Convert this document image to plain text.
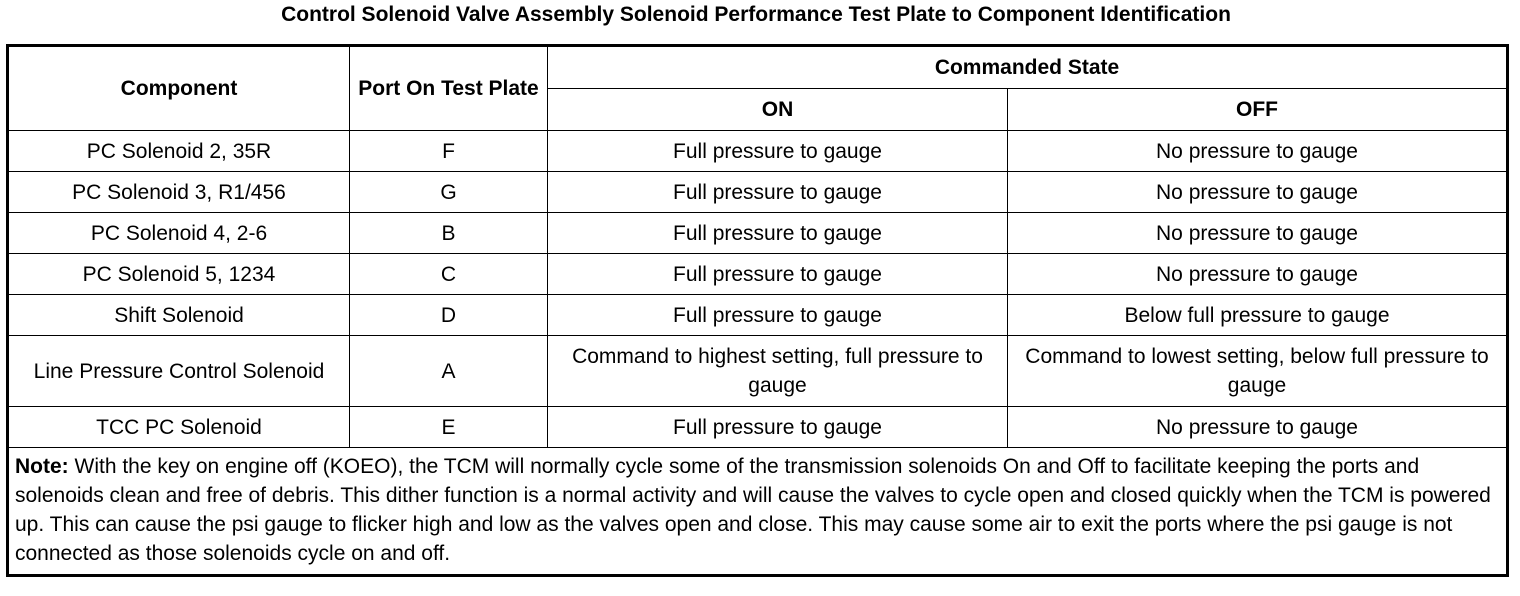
Control Solenoid Valve Assembly Solenoid Performance Test Plate to Component Identification
Component	Port On Test Plate	Commanded State	
		ON	OFF
PC Solenoid 2, 35R	F	Full pressure to gauge	No pressure to gauge
PC Solenoid 3, R1/456	G	Full pressure to gauge	No pressure to gauge
PC Solenoid 4, 2-6	B	Full pressure to gauge	No pressure to gauge
PC Solenoid 5, 1234	C	Full pressure to gauge	No pressure to gauge
Shift Solenoid	D	Full pressure to gauge	Below full pressure to gauge
Line Pressure Control Solenoid	A	Command to highest setting, full pressure to gauge	Command to lowest setting, below full pressure to gauge
TCC PC Solenoid	E	Full pressure to gauge	No pressure to gauge
Note: With the key on engine off (KOEO), the TCM will normally cycle some of the transmission solenoids On and Off to facilitate keeping the ports and solenoids clean and free of debris. This dither function is a normal activity and will cause the valves to cycle open and closed quickly when the TCM is powered up. This can cause the psi gauge to flicker high and low as the valves open and close. This may cause some air to exit the ports where the psi gauge is not connected as those solenoids cycle on and off.			
